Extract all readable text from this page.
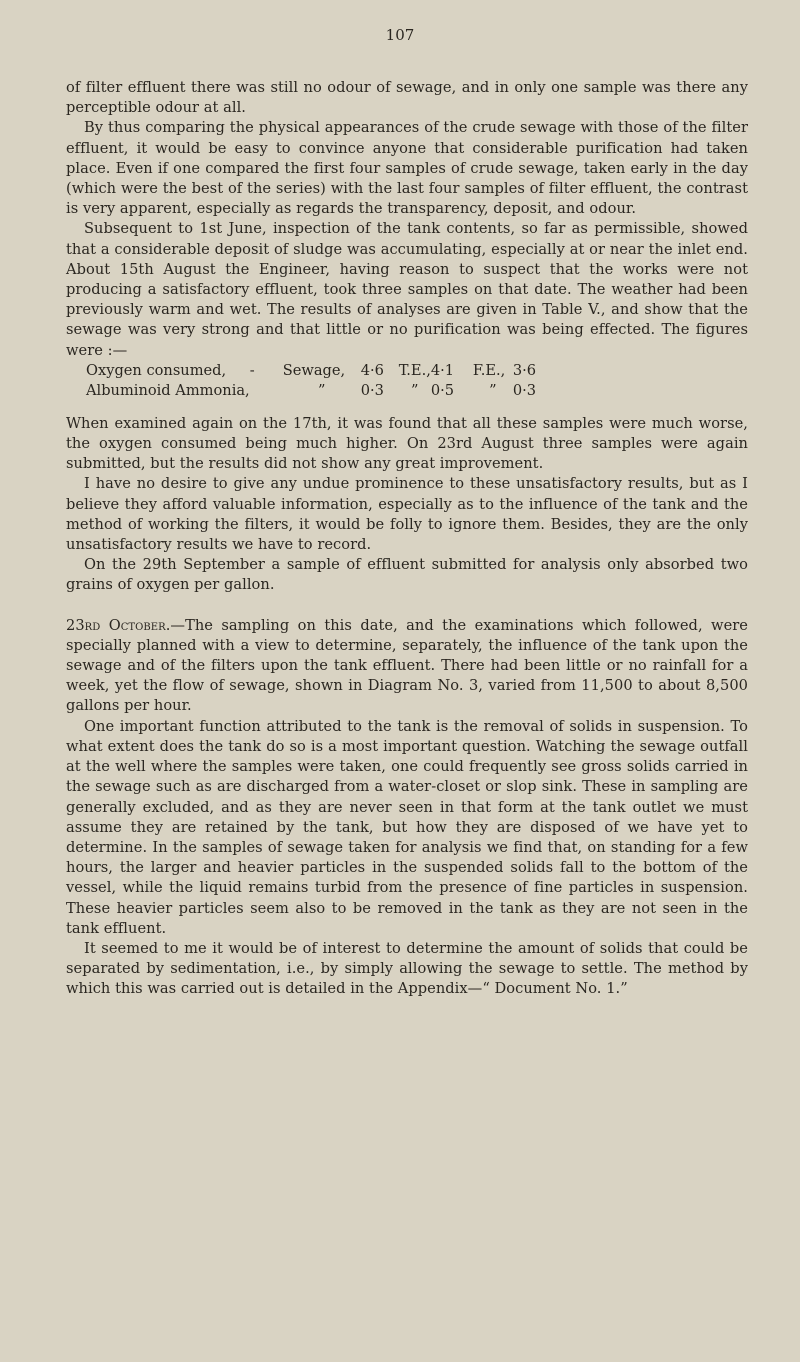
107

of filter effluent there was still no odour of sewage, and in only one sample was there any perceptible odour at all.

By thus comparing the physical appearances of the crude sewage with those of the filter effluent, it would be easy to convince anyone that considerable purification had taken place. Even if one compared the first four samples of crude sewage, taken early in the day (which were the best of the series) with the last four samples of filter effluent, the contrast is very apparent, especially as regards the transparency, deposit, and odour.

Subsequent to 1st June, inspection of the tank contents, so far as permissible, showed that a considerable deposit of sludge was accumulating, especially at or near the inlet end. About 15th August the Engineer, having reason to suspect that the works were not producing a satisfactory effluent, took three samples on that date. The weather had been previously warm and wet. The results of analyses are given in Table V., and show that the sewage was very strong and that little or no purification was being effected. The figures were :—

Oxygen consumed,	-	Sewage,	4·6	T.E.,	4·1	F.E.,	3·6
Albuminoid Ammonia,		”	0·3	”	0·5	”	0·3

When examined again on the 17th, it was found that all these samples were much worse, the oxygen consumed being much higher. On 23rd August three samples were again submitted, but the results did not show any great improvement.

I have no desire to give any undue prominence to these unsatisfactory results, but as I believe they afford valuable information, especially as to the influence of the tank and the method of working the filters, it would be folly to ignore them. Besides, they are the only unsatisfactory results we have to record.

On the 29th September a sample of effluent submitted for analysis only absorbed two grains of oxygen per gallon.

23rd October.—The sampling on this date, and the examinations which followed, were specially planned with a view to determine, separately, the influence of the tank upon the sewage and of the filters upon the tank effluent. There had been little or no rainfall for a week, yet the flow of sewage, shown in Diagram No. 3, varied from 11,500 to about 8,500 gallons per hour.

One important function attributed to the tank is the removal of solids in suspension. To what extent does the tank do so is a most important question. Watching the sewage outfall at the well where the samples were taken, one could frequently see gross solids carried in the sewage such as are discharged from a water-closet or slop sink. These in sampling are generally excluded, and as they are never seen in that form at the tank outlet we must assume they are retained by the tank, but how they are disposed of we have yet to determine. In the samples of sewage taken for analysis we find that, on standing for a few hours, the larger and heavier particles in the suspended solids fall to the bottom of the vessel, while the liquid remains turbid from the presence of fine particles in suspension. These heavier particles seem also to be removed in the tank as they are not seen in the tank effluent.

It seemed to me it would be of interest to determine the amount of solids that could be separated by sedimentation, i.e., by simply allowing the sewage to settle. The method by which this was carried out is detailed in the Appendix—“ Document No. 1.”
